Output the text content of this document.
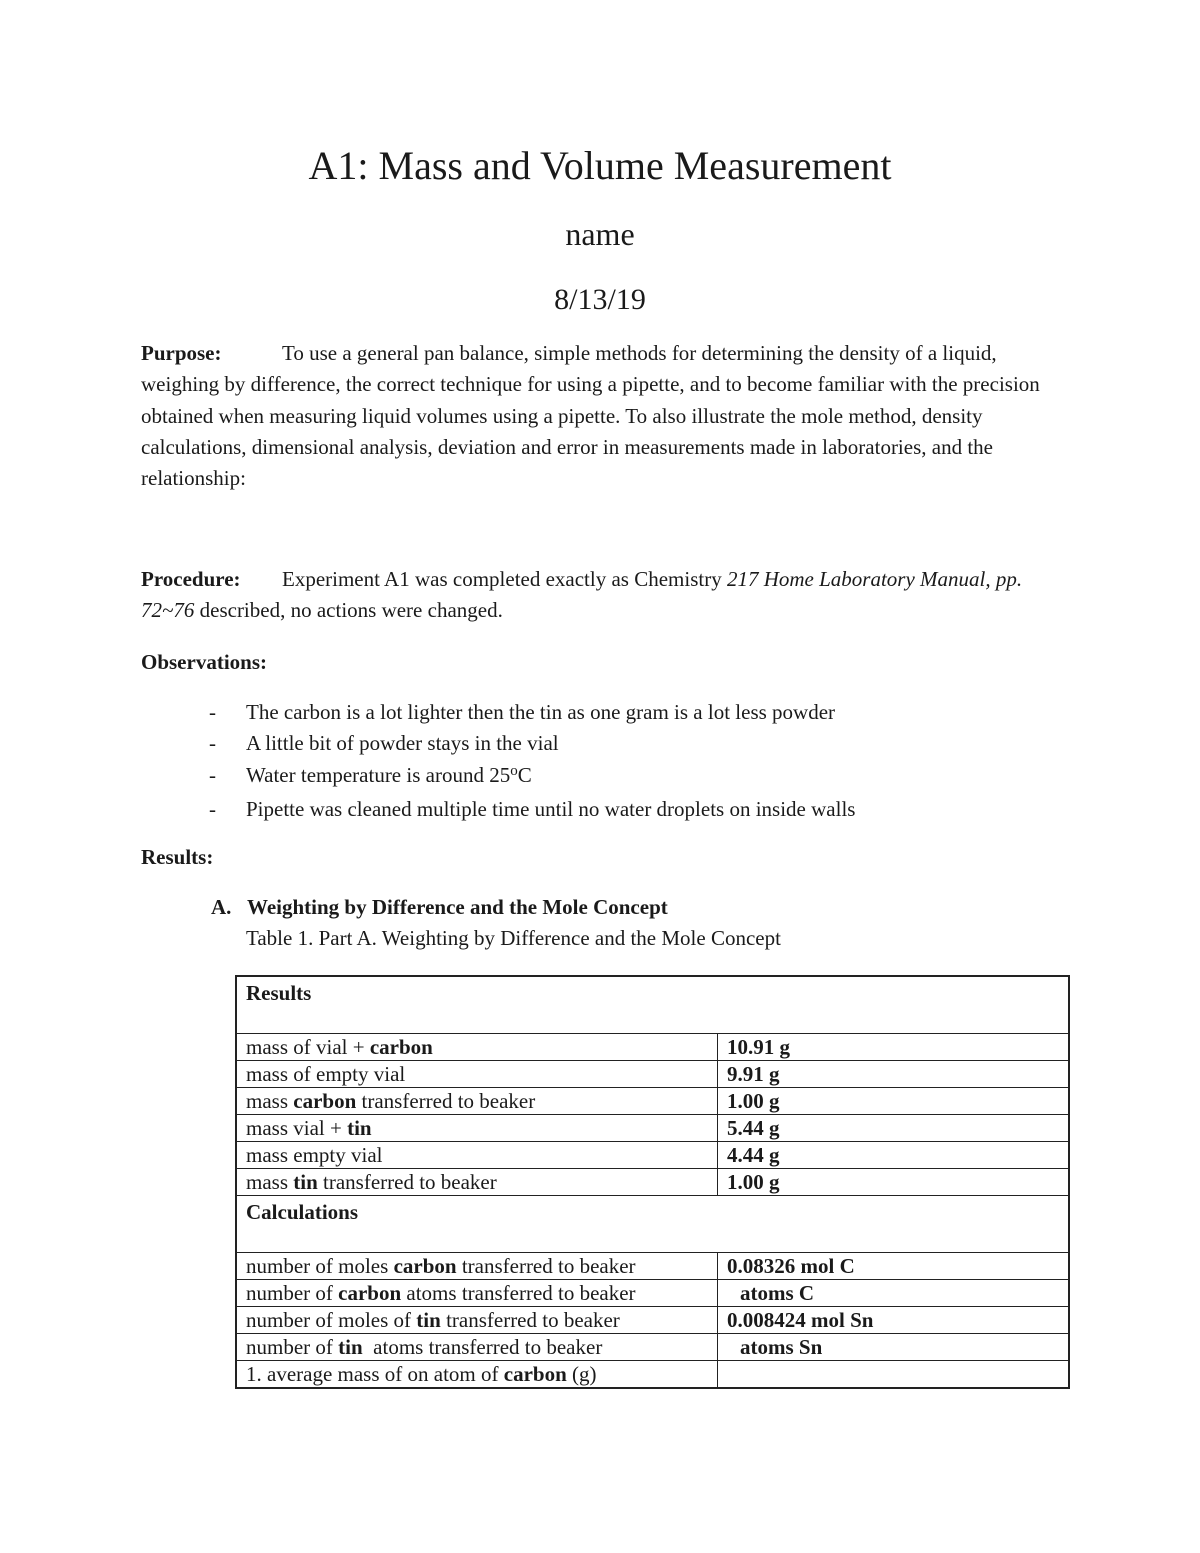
A1: Mass and Volume Measurement
name
8/13/19
Purpose:	To use a general pan balance, simple methods for determining the density of a liquid, weighing by difference, the correct technique for using a pipette, and to become familiar with the precision obtained when measuring liquid volumes using a pipette. To also illustrate the mole method, density calculations, dimensional analysis, deviation and error in measurements made in laboratories, and the relationship:
Procedure: Experiment A1 was completed exactly as Chemistry 217 Home Laboratory Manual, pp. 72~76 described, no actions were changed.
Observations:
- The carbon is a lot lighter then the tin as one gram is a lot less powder
- A little bit of powder stays in the vial
- Water temperature is around 25$^o$C
- Pipette was cleaned multiple time until no water droplets on inside walls
Results:
A. Weighting by Difference and the Mole Concept
Table 1. Part A. Weighting by Difference and the Mole Concept
Results	
mass of vial + carbon	10.91 g
mass of empty vial	9.91 g
mass carbon transferred to beaker	1.00 g
mass vial + tin	5.44 g
mass empty vial	4.44 g
mass tin transferred to beaker	1.00 g
Calculations	
number of moles carbon transferred to beaker	0.08326 mol C
number of carbon atoms transferred to beaker	atoms C
number of moles of tin transferred to beaker	0.008424 mol Sn
number of tin  atoms transferred to beaker	atoms Sn
1. average mass of on atom of carbon (g)	
